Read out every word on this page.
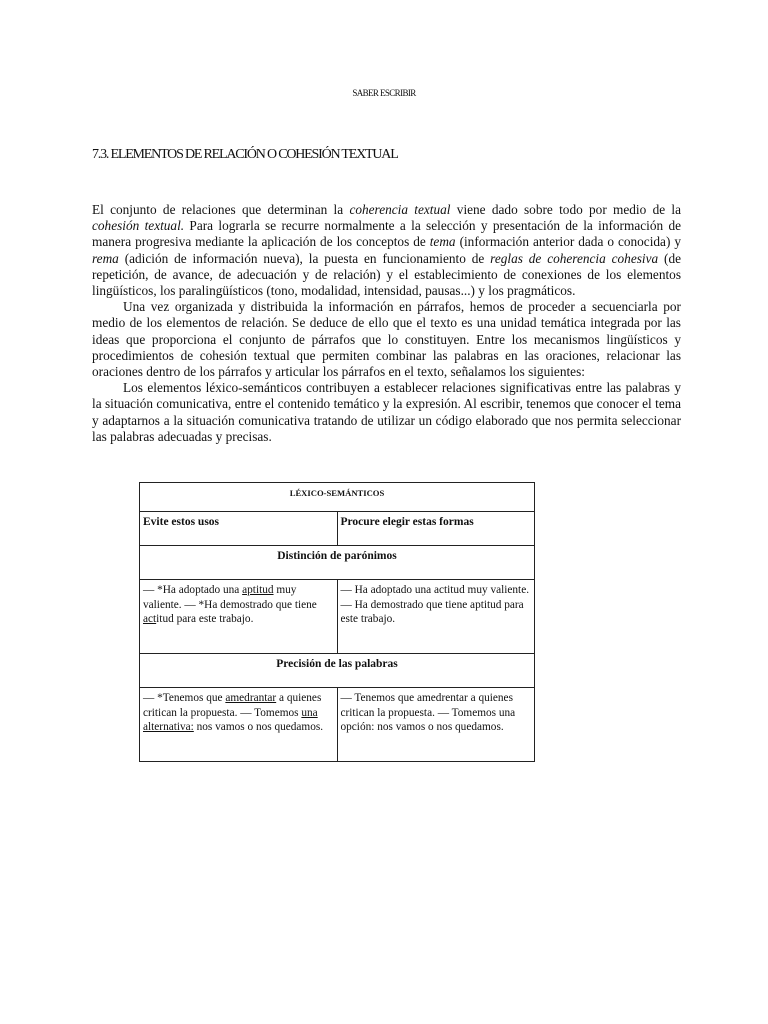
SABER ESCRIBIR
7.3. ELEMENTOS DE RELACIÓN O COHESIÓN TEXTUAL

El conjunto de relaciones que determinan la coherencia textual viene dado sobre todo por medio de la cohesión textual. Para lograrla se recurre normalmente a la selección y presentación de la información de manera progresiva mediante la aplicación de los conceptos de tema (información anterior dada o conocida) y rema (adición de información nueva), la puesta en funcionamiento de reglas de coherencia cohesiva (de repetición, de avance, de adecuación y de relación) y el establecimiento de conexiones de los elementos lingüísticos, los paralingüísticos (tono, modalidad, intensidad, pausas...) y los pragmáticos.

Una vez organizada y distribuida la información en párrafos, hemos de proceder a secuenciarla por medio de los elementos de relación. Se deduce de ello que el texto es una unidad temática integrada por las ideas que proporciona el conjunto de párrafos que lo constituyen. Entre los mecanismos lingüísticos y procedimientos de cohesión textual que permiten combinar las palabras en las oraciones, relacionar las oraciones dentro de los párrafos y articular los párrafos en el texto, señalamos los siguientes:

Los elementos léxico-semánticos contribuyen a establecer relaciones significativas entre las palabras y la situación comunicativa, entre el contenido temático y la expresión. Al escribir, tenemos que conocer el tema y adaptarnos a la situación comunicativa tratando de utilizar un código elaborado que nos permita seleccionar las palabras adecuadas y precisas.

LÉXICO-SEMÁNTICOS	
Evite estos usos	Procure elegir estas formas
Distinción de parónimos	
— *Ha adoptado una aptitud muy valiente. — *Ha demostrado que tiene actitud para este trabajo.	— Ha adoptado una actitud muy valiente. — Ha demostrado que tiene aptitud para este trabajo.
Precisión de las palabras	
— *Tenemos que amedrantar a quienes critican la propuesta. — Tomemos una alternativa: nos vamos o nos quedamos.	— Tenemos que amedrentar a quienes critican la propuesta. — Tomemos una opción: nos vamos o nos quedamos.
